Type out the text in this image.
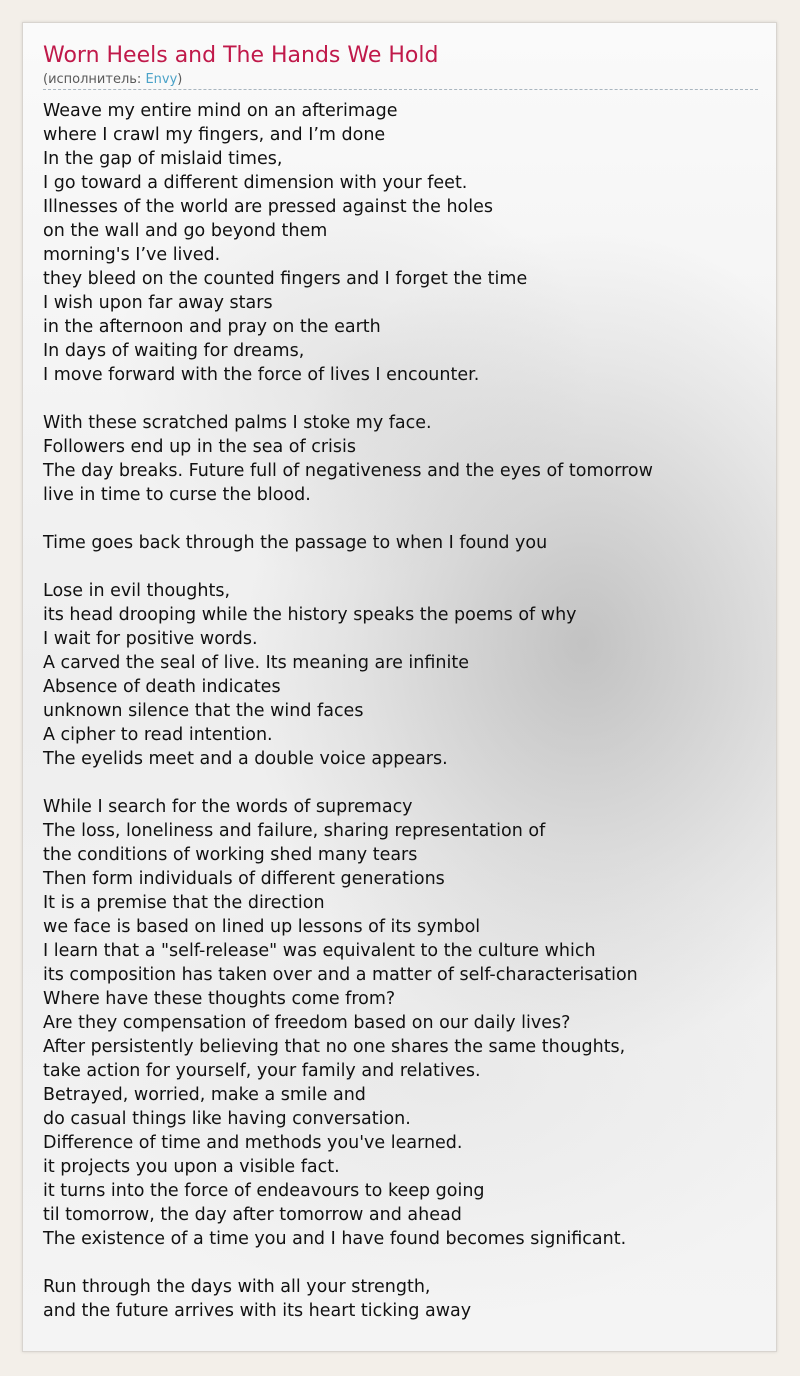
Worn Heels and The Hands We Hold
(исполнитель: Envy)
Weave my entire mind on an afterimage
where I crawl my fingers, and I’m done
In the gap of mislaid times,
I go toward a different dimension with your feet.
Illnesses of the world are pressed against the holes
on the wall and go beyond them
morning's I’ve lived.
they bleed on the counted fingers and I forget the time
I wish upon far away stars
in the afternoon and pray on the earth
In days of waiting for dreams,
I move forward with the force of lives I encounter.
With these scratched palms I stoke my face.
Followers end up in the sea of crisis
The day breaks. Future full of negativeness and the eyes of tomorrow
live in time to curse the blood.
Time goes back through the passage to when I found you
Lose in evil thoughts,
its head drooping while the history speaks the poems of why
I wait for positive words.
A carved the seal of live. Its meaning are infinite
Absence of death indicates
unknown silence that the wind faces
A cipher to read intention.
The eyelids meet and a double voice appears.
While I search for the words of supremacy
The loss, loneliness and failure, sharing representation of
the conditions of working shed many tears
Then form individuals of different generations
It is a premise that the direction
we face is based on lined up lessons of its symbol
I learn that a "self-release" was equivalent to the culture which
its composition has taken over and a matter of self-characterisation
Where have these thoughts come from?
Are they compensation of freedom based on our daily lives?
After persistently believing that no one shares the same thoughts,
take action for yourself, your family and relatives.
Betrayed, worried, make a smile and
do casual things like having conversation.
Difference of time and methods you've learned.
it projects you upon a visible fact.
it turns into the force of endeavours to keep going
til tomorrow, the day after tomorrow and ahead
The existence of a time you and I have found becomes significant.
Run through the days with all your strength,
and the future arrives with its heart ticking away
